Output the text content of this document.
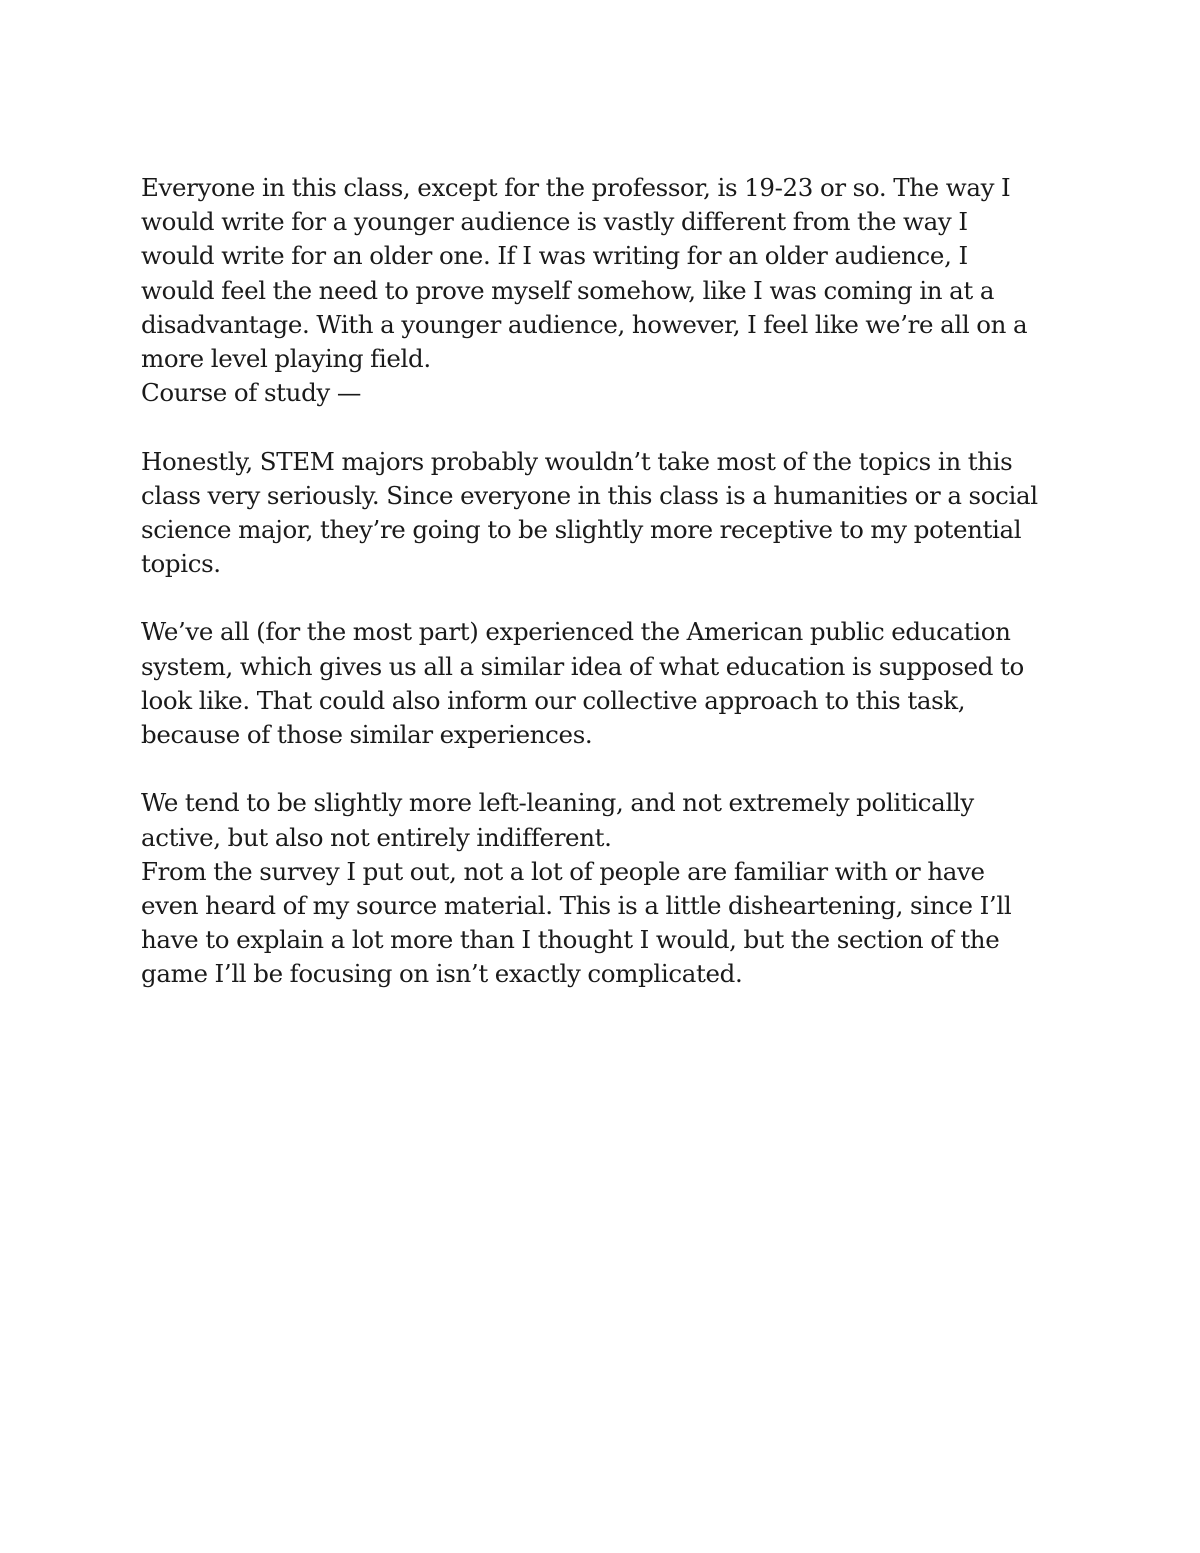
Everyone in this class, except for the professor, is 19-23 or so. The way I
would write for a younger audience is vastly different from the way I
would write for an older one. If I was writing for an older audience, I
would feel the need to prove myself somehow, like I was coming in at a
disadvantage. With a younger audience, however, I feel like we’re all on a
more level playing field.
Course of study —
Honestly, STEM majors probably wouldn’t take most of the topics in this
class very seriously. Since everyone in this class is a humanities or a social
science major, they’re going to be slightly more receptive to my potential
topics.
We’ve all (for the most part) experienced the American public education
system, which gives us all a similar idea of what education is supposed to
look like. That could also inform our collective approach to this task,
because of those similar experiences.
We tend to be slightly more left-leaning, and not extremely politically
active, but also not entirely indifferent.
From the survey I put out, not a lot of people are familiar with or have
even heard of my source material. This is a little disheartening, since I’ll
have to explain a lot more than I thought I would, but the section of the
game I’ll be focusing on isn’t exactly complicated.
